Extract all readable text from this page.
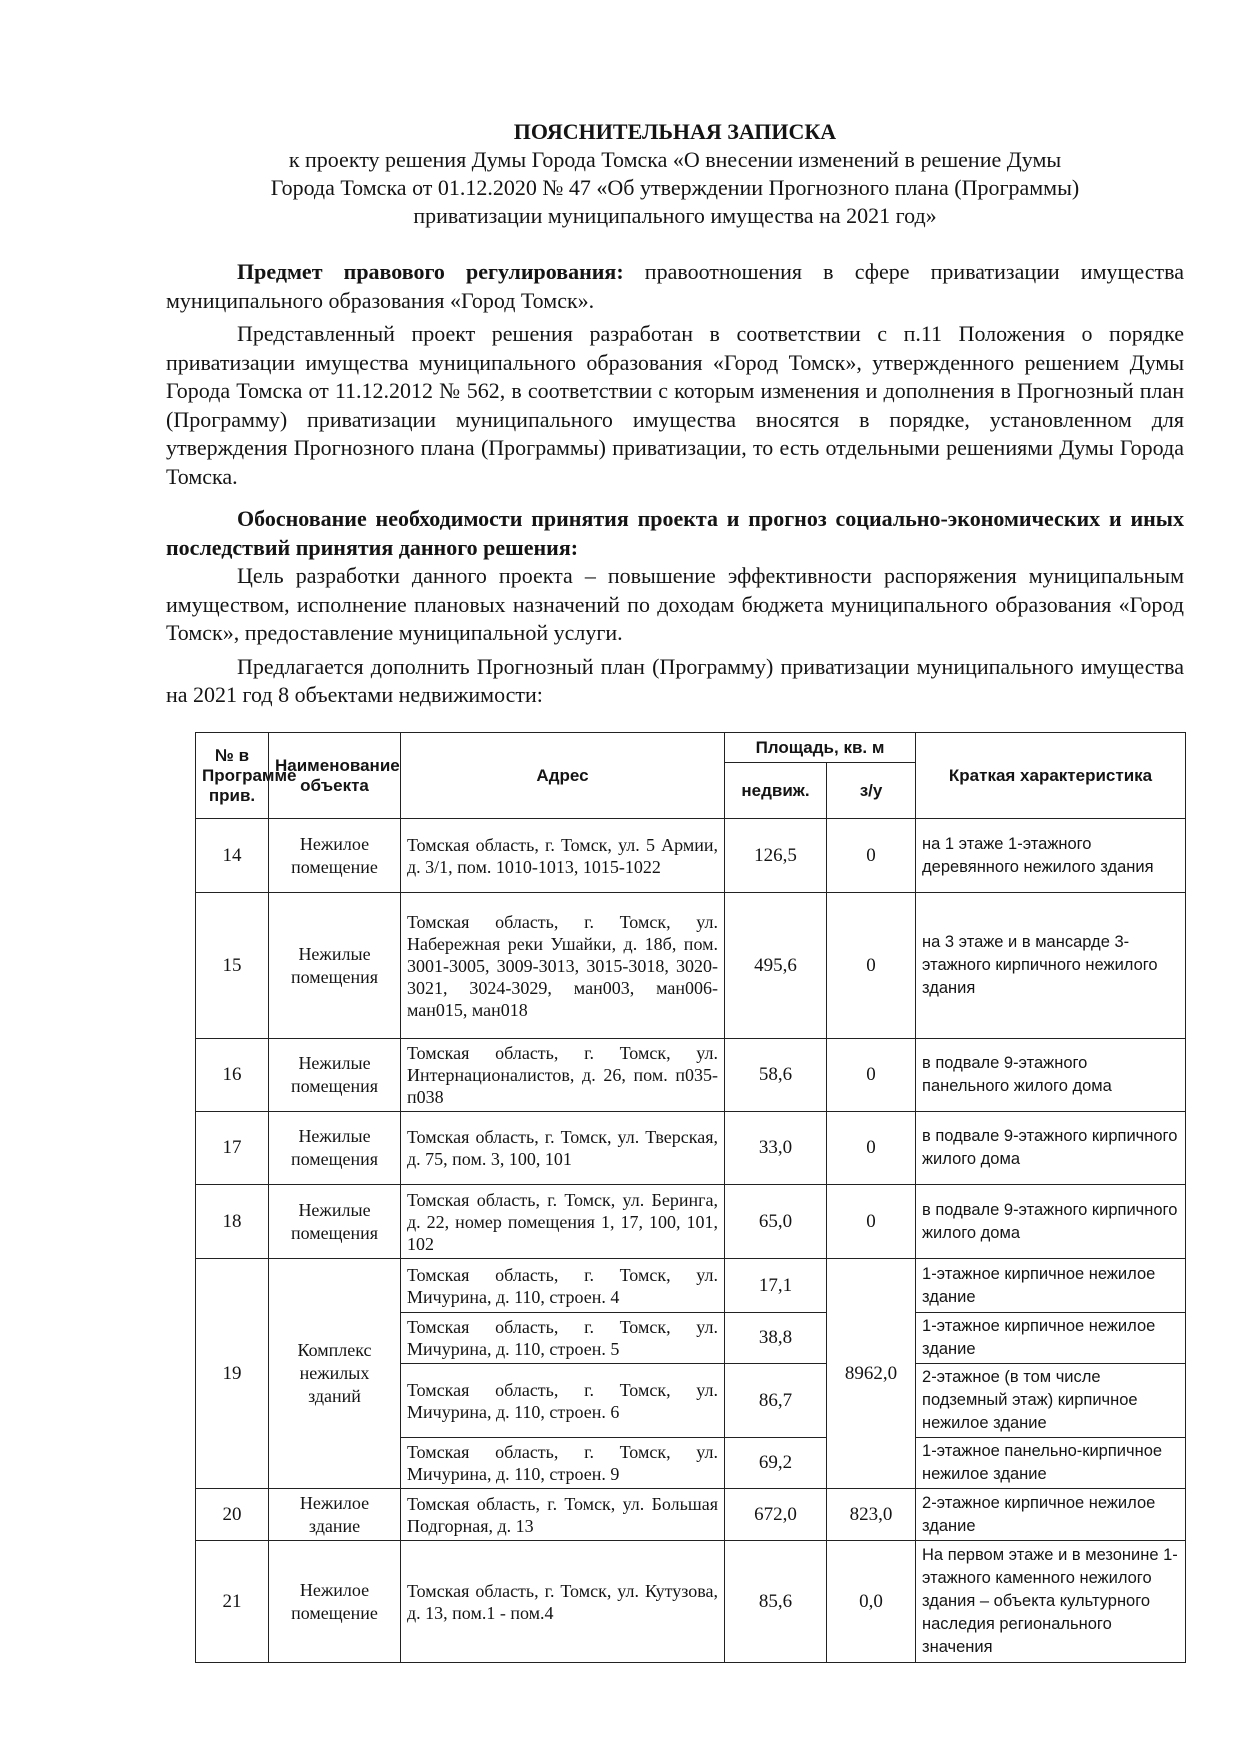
ПОЯСНИТЕЛЬНАЯ ЗАПИСКА

к проекту решения Думы Города Томска «О внесении изменений в решение Думы

Города Томска от 01.12.2020 № 47 «Об утверждении Прогнозного плана (Программы)

приватизации муниципального имущества на 2021 год»

Предмет правового регулирования: правоотношения в сфере приватизации имущества муниципального образования «Город Томск».

Представленный проект решения разработан в соответствии с п.11 Положения о порядке приватизации имущества муниципального образования «Город Томск», утвержденного решением Думы Города Томска от 11.12.2012 № 562, в соответствии с которым изменения и дополнения в Прогнозный план (Программу) приватизации муниципального имущества вносятся в порядке, установленном для утверждения Прогнозного плана (Программы) приватизации, то есть отдельными решениями Думы Города Томска.

Обоснование необходимости принятия проекта и прогноз социально-экономических и иных последствий принятия данного решения:

Цель разработки данного проекта – повышение эффективности распоряжения муниципальным имуществом, исполнение плановых назначений по доходам бюджета муниципального образования «Город Томск», предоставление муниципальной услуги.

Предлагается дополнить Прогнозный план (Программу) приватизации муниципального имущества на 2021 год 8 объектами недвижимости:

№ в Программе прив.	Наименование объекта	Адрес	Площадь, кв. м		Краткая характеристика
			недвиж.	з/у	
14	Нежилое помещение	Томская область, г. Томск, ул. 5 Армии, д. 3/1, пом. 1010-1013, 1015-1022	126,5	0	на 1 этаже 1-этажного деревянного нежилого здания
15	Нежилые помещения	Томская область, г. Томск, ул. Набережная реки Ушайки, д. 18б, пом. 3001-3005, 3009-3013, 3015-3018, 3020-3021, 3024-3029, ман003, ман006-ман015, ман018	495,6	0	на 3 этаже и в мансарде 3-этажного кирпичного нежилого здания
16	Нежилые помещения	Томская область, г. Томск, ул. Интернационалистов, д. 26, пом. п035-п038	58,6	0	в подвале 9-этажного панельного жилого дома
17	Нежилые помещения	Томская область, г. Томск, ул. Тверская, д. 75, пом. 3, 100, 101	33,0	0	в подвале 9-этажного кирпичного жилого дома
18	Нежилые помещения	Томская область, г. Томск, ул. Беринга, д. 22, номер помещения 1, 17, 100, 101, 102	65,0	0	в подвале 9-этажного кирпичного жилого дома
19	Комплекс нежилых зданий	Томская область, г. Томск, ул. Мичурина, д. 110, строен. 4	17,1	8962,0	1-этажное кирпичное нежилое здание
		Томская область, г. Томск, ул. Мичурина, д. 110, строен. 5	38,8		1-этажное кирпичное нежилое здание
		Томская область, г. Томск, ул. Мичурина, д. 110, строен. 6	86,7		2-этажное (в том числе подземный этаж) кирпичное нежилое здание
		Томская область, г. Томск, ул. Мичурина, д. 110, строен. 9	69,2		1-этажное панельно-кирпичное нежилое здание
20	Нежилое здание	Томская область, г. Томск, ул. Большая Подгорная, д. 13	672,0	823,0	2-этажное кирпичное нежилое здание
21	Нежилое помещение	Томская область, г. Томск, ул. Кутузова, д. 13, пом.1 - пом.4	85,6	0,0	На первом этаже и в мезонине 1-этажного каменного нежилого здания – объекта культурного наследия регионального значения
